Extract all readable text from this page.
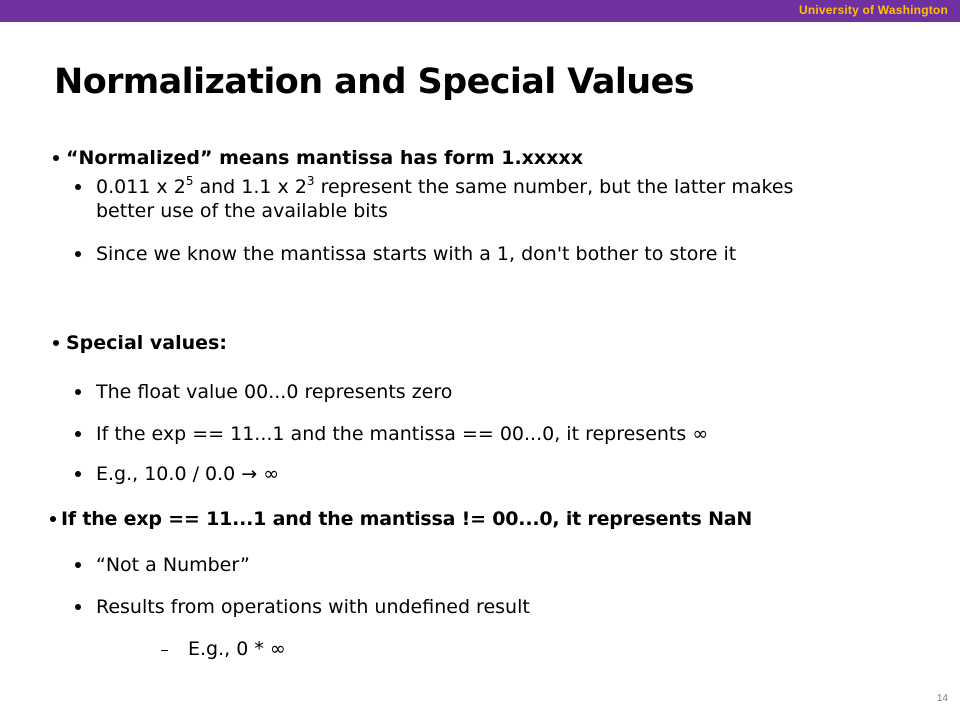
University of Washington
Normalization and Special Values
“Normalized” means mantissa has form 1.xxxxx
0.011 x $2^5$ and 1.1 x $2^3$ represent the same number, but the latter makes
better use of the available bits
Since we know the mantissa starts with a 1, don't bother to store it
Special values:
The float value 00...0 represents zero
If the exp == 11...1 and the mantissa == 00...0, it represents ∞
E.g., 10.0 / 0.0 → ∞
If the exp == 11...1 and the mantissa != 00...0, it represents NaN
“Not a Number”
Results from operations with undefined result
E.g., 0 * ∞
14
